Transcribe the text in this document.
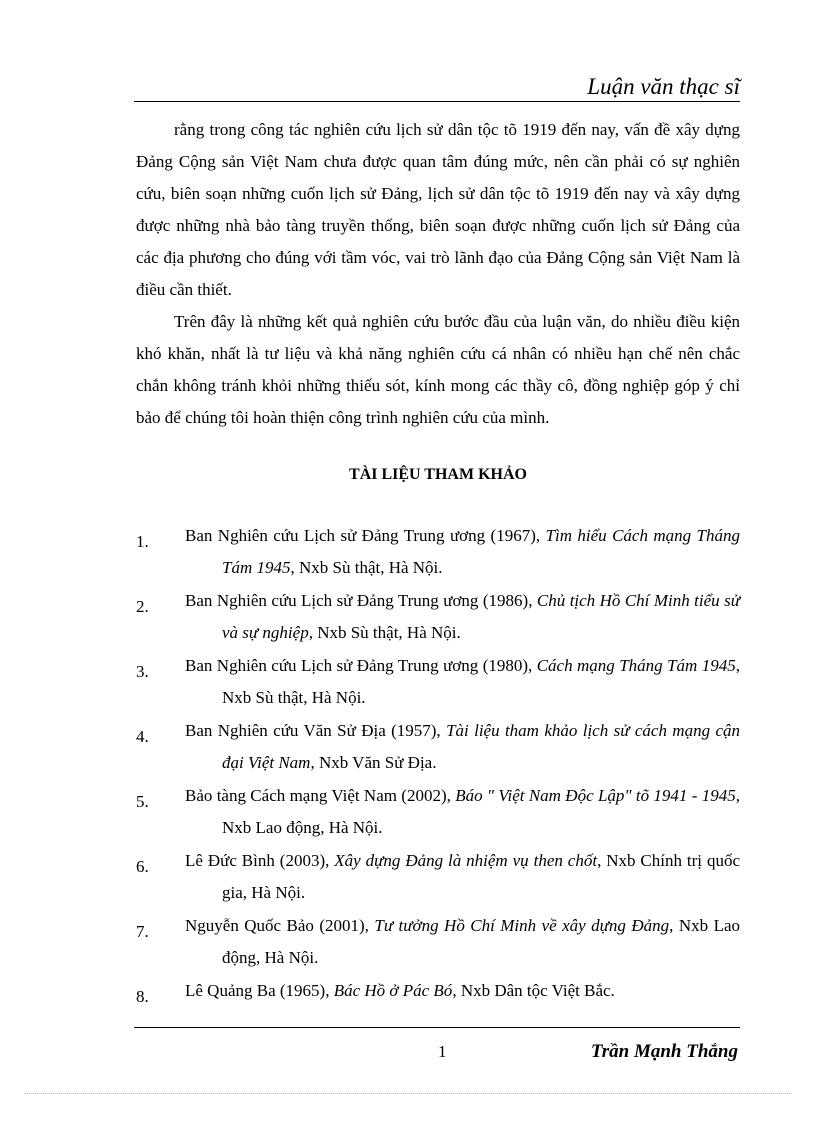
Luận văn thạc sĩ

rằng trong công tác nghiên cứu lịch sử dân tộc tõ 1919 đến nay, vấn đề xây dựng Đảng Cộng sản Việt Nam chưa được quan tâm đúng mức, nên cần phải có sự nghiên cứu, biên soạn những cuốn lịch sử Đảng, lịch sử dân tộc tõ 1919 đến nay và xây dựng được những nhà bảo tàng truyền thống, biên soạn được những cuốn lịch sử Đảng của các địa phương cho đúng với tầm vóc, vai trò lãnh đạo của Đảng Cộng sản Việt Nam là điều cần thiết.

Trên đây là những kết quả nghiên cứu bước đầu của luận văn, do nhiều điều kiện khó khăn, nhất là tư liệu và khả năng nghiên cứu cá nhân có nhiều hạn chế nên chắc chắn không tránh khỏi những thiếu sót, kính mong các thầy cô, đồng nghiệp góp ý chỉ bảo để chúng tôi hoàn thiện công trình nghiên cứu của mình.

TÀI LIỆU THAM KHẢO
1. Ban Nghiên cứu Lịch sử Đảng Trung ương (1967), Tìm hiểu Cách mạng Tháng Tám 1945, Nxb Sù thật, Hà Nội.
2. Ban Nghiên cứu Lịch sử Đảng Trung ương (1986), Chủ tịch Hồ Chí Minh tiểu sử và sự nghiệp, Nxb Sù thật, Hà Nội.
3. Ban Nghiên cứu Lịch sử Đảng Trung ương (1980), Cách mạng Tháng Tám 1945, Nxb Sù thật, Hà Nội.
4. Ban Nghiên cứu Văn Sử Địa (1957), Tài liệu tham khảo lịch sử cách mạng cận đại Việt Nam, Nxb Văn Sử Địa.
5. Bảo tàng Cách mạng Việt Nam (2002), Báo " Việt Nam Độc Lập" tõ 1941 - 1945, Nxb Lao động, Hà Nội.
6. Lê Đức Bình (2003), Xây dựng Đảng là nhiệm vụ then chốt, Nxb Chính trị quốc gia, Hà Nội.
7. Nguyễn Quốc Bảo (2001), Tư tưởng Hồ Chí Minh về xây dựng Đảng, Nxb Lao động, Hà Nội.
8. Lê Quảng Ba (1965), Bác Hồ ở Pác Bó, Nxb Dân tộc Việt Bắc.
1	Trần Mạnh Thắng
